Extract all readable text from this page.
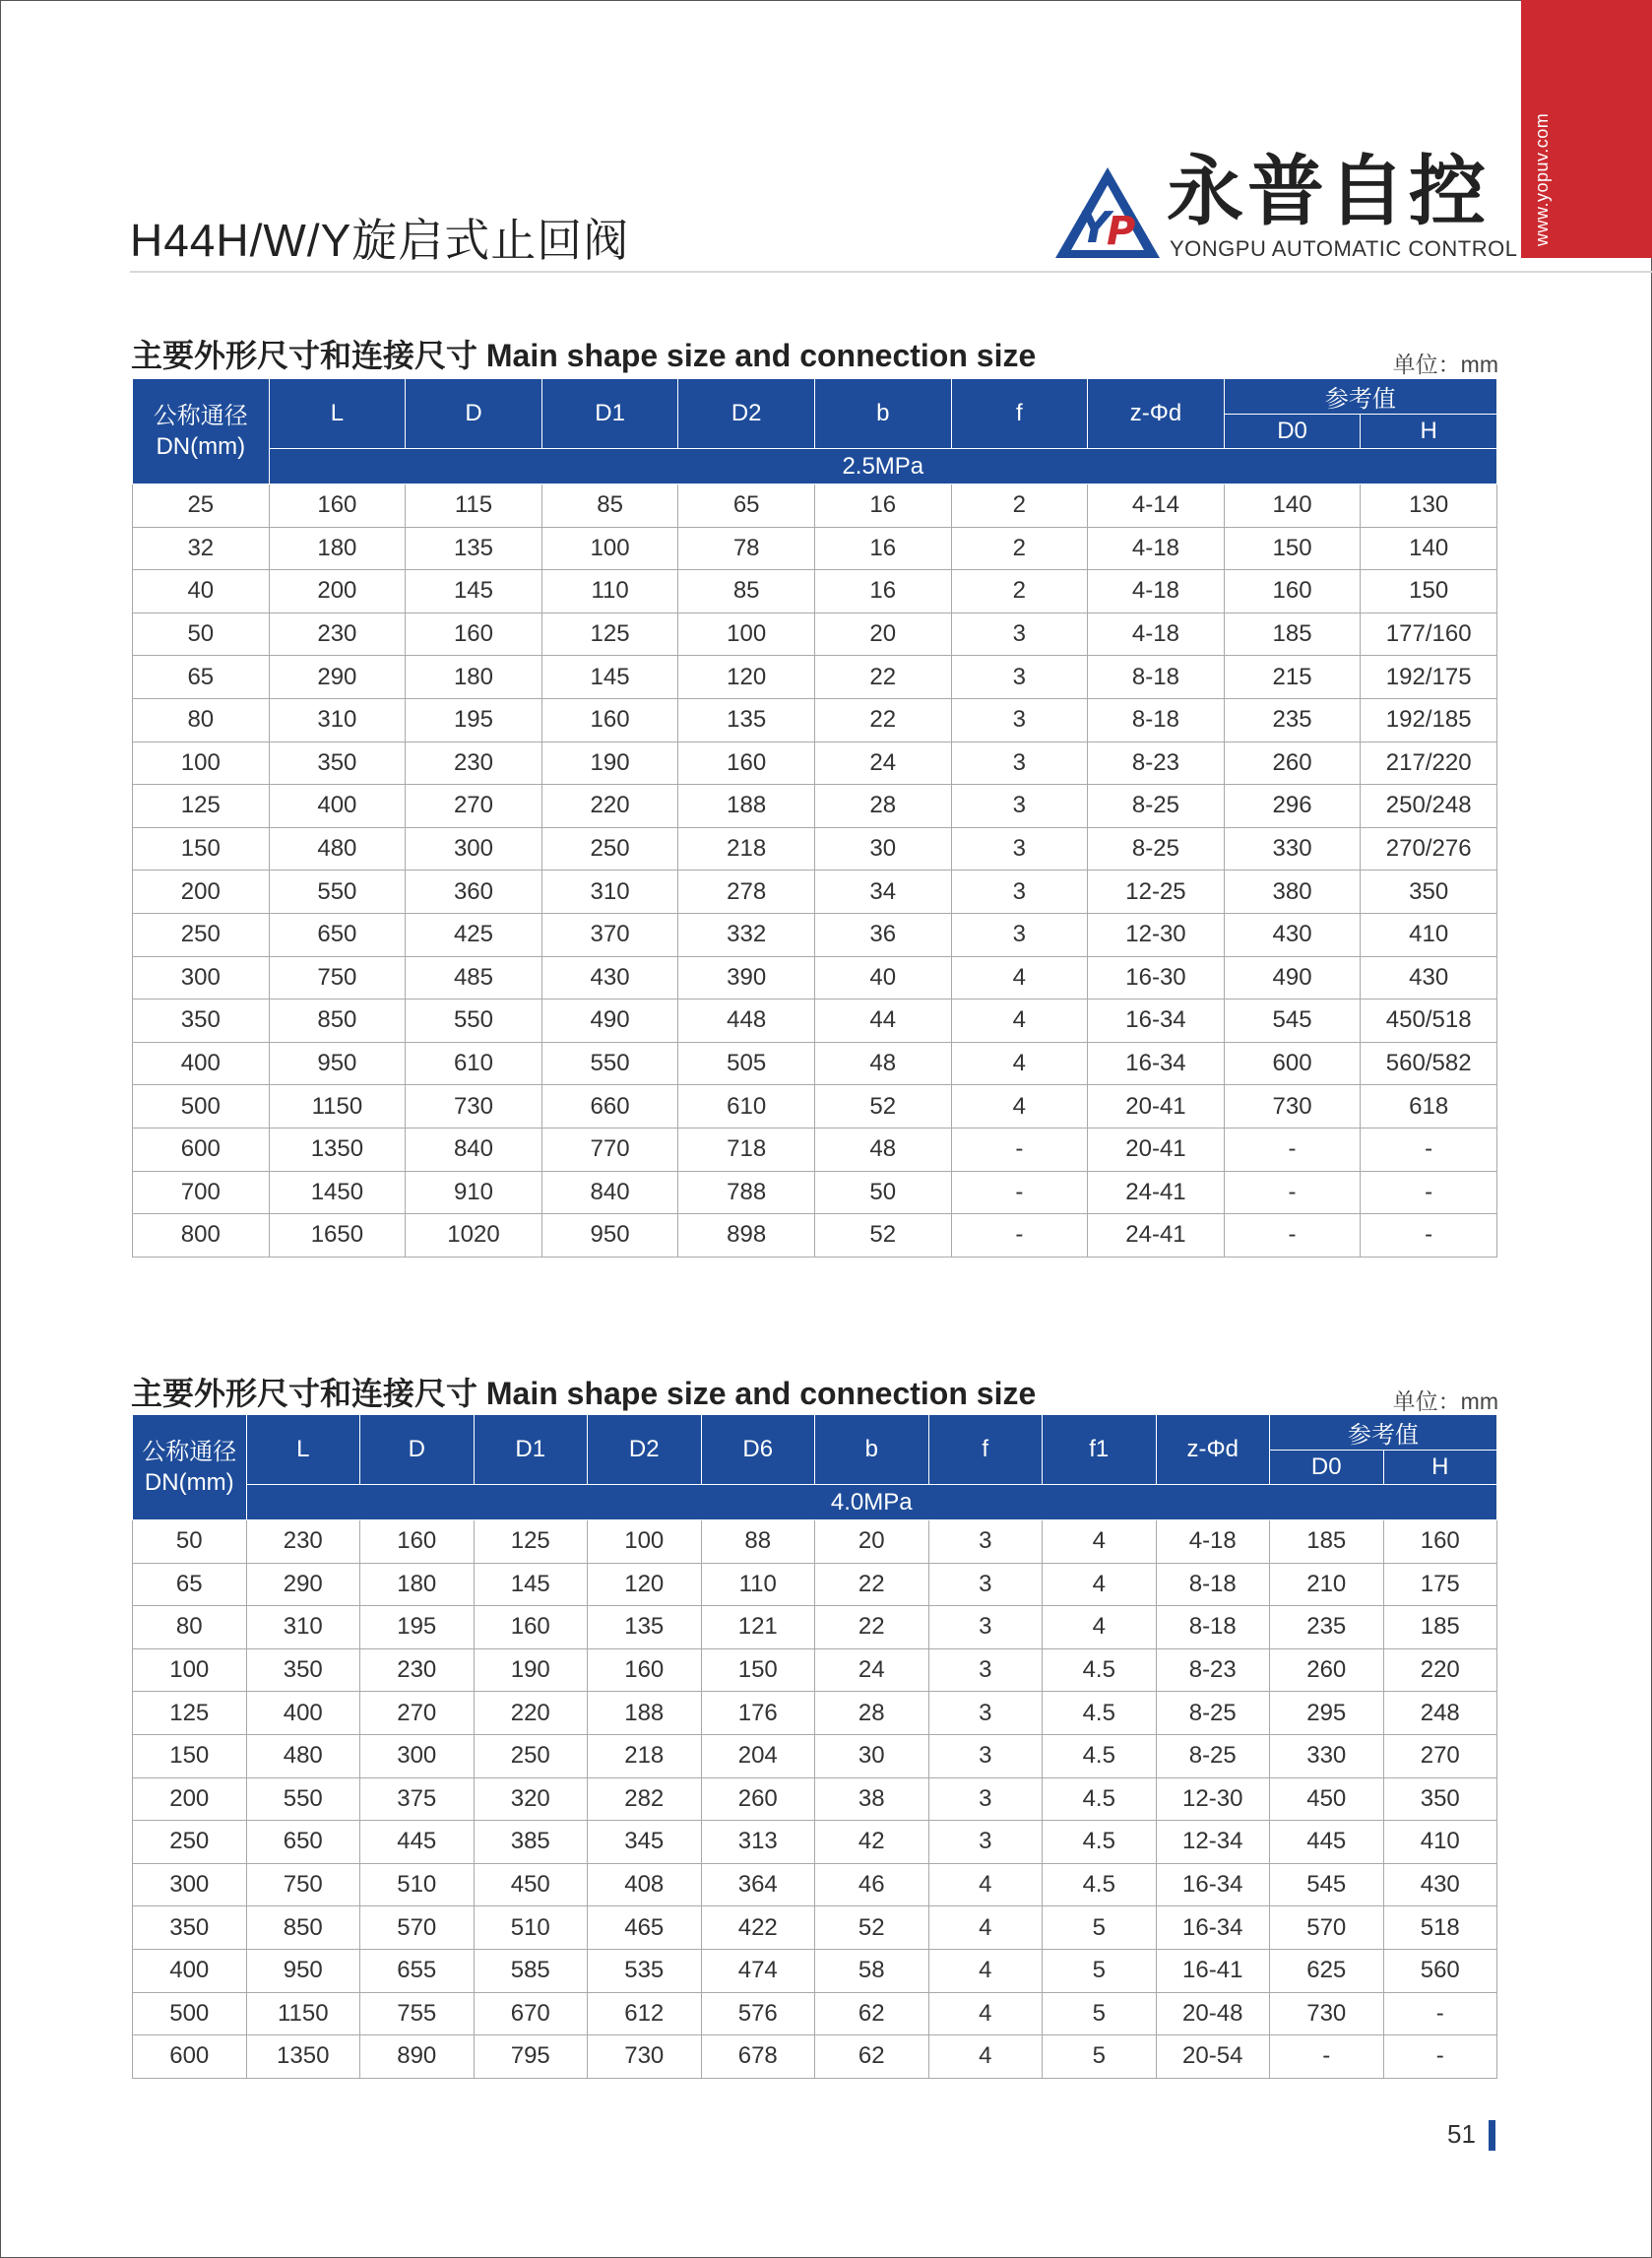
www.yopuv.com
H44H/W/Y旋启式止回阀	Y
P 永普自控
YONGPU AUTOMATIC CONTROL
主要外形尺寸和连接尺寸 Main shape size and connection size	单位：mm
公称通径
DN(mm)	L	D	D1	D2	b	f	z-Φd	参考值	
								D0	H
	2.5MPa								
25	160	115	85	65	16	2	4-14	140	130
32	180	135	100	78	16	2	4-18	150	140
40	200	145	110	85	16	2	4-18	160	150
50	230	160	125	100	20	3	4-18	185	177/160
65	290	180	145	120	22	3	8-18	215	192/175
80	310	195	160	135	22	3	8-18	235	192/185
100	350	230	190	160	24	3	8-23	260	217/220
125	400	270	220	188	28	3	8-25	296	250/248
150	480	300	250	218	30	3	8-25	330	270/276
200	550	360	310	278	34	3	12-25	380	350
250	650	425	370	332	36	3	12-30	430	410
300	750	485	430	390	40	4	16-30	490	430
350	850	550	490	448	44	4	16-34	545	450/518
400	950	610	550	505	48	4	16-34	600	560/582
500	1150	730	660	610	52	4	20-41	730	618
600	1350	840	770	718	48	-	20-41	-	-
700	1450	910	840	788	50	-	24-41	-	-
800	1650	1020	950	898	52	-	24-41	-	-
主要外形尺寸和连接尺寸 Main shape size and connection size	单位：mm
公称通径
DN(mm)	L	D	D1	D2	D6	b	f	f1	z-Φd	参考值	
										D0	H
	4.0MPa										
50	230	160	125	100	88	20	3	4	4-18	185	160
65	290	180	145	120	110	22	3	4	8-18	210	175
80	310	195	160	135	121	22	3	4	8-18	235	185
100	350	230	190	160	150	24	3	4.5	8-23	260	220
125	400	270	220	188	176	28	3	4.5	8-25	295	248
150	480	300	250	218	204	30	3	4.5	8-25	330	270
200	550	375	320	282	260	38	3	4.5	12-30	450	350
250	650	445	385	345	313	42	3	4.5	12-34	445	410
300	750	510	450	408	364	46	4	4.5	16-34	545	430
350	850	570	510	465	422	52	4	5	16-34	570	518
400	950	655	585	535	474	58	4	5	16-41	625	560
500	1150	755	670	612	576	62	4	5	20-48	730	-
600	1350	890	795	730	678	62	4	5	20-54	-	-
51
